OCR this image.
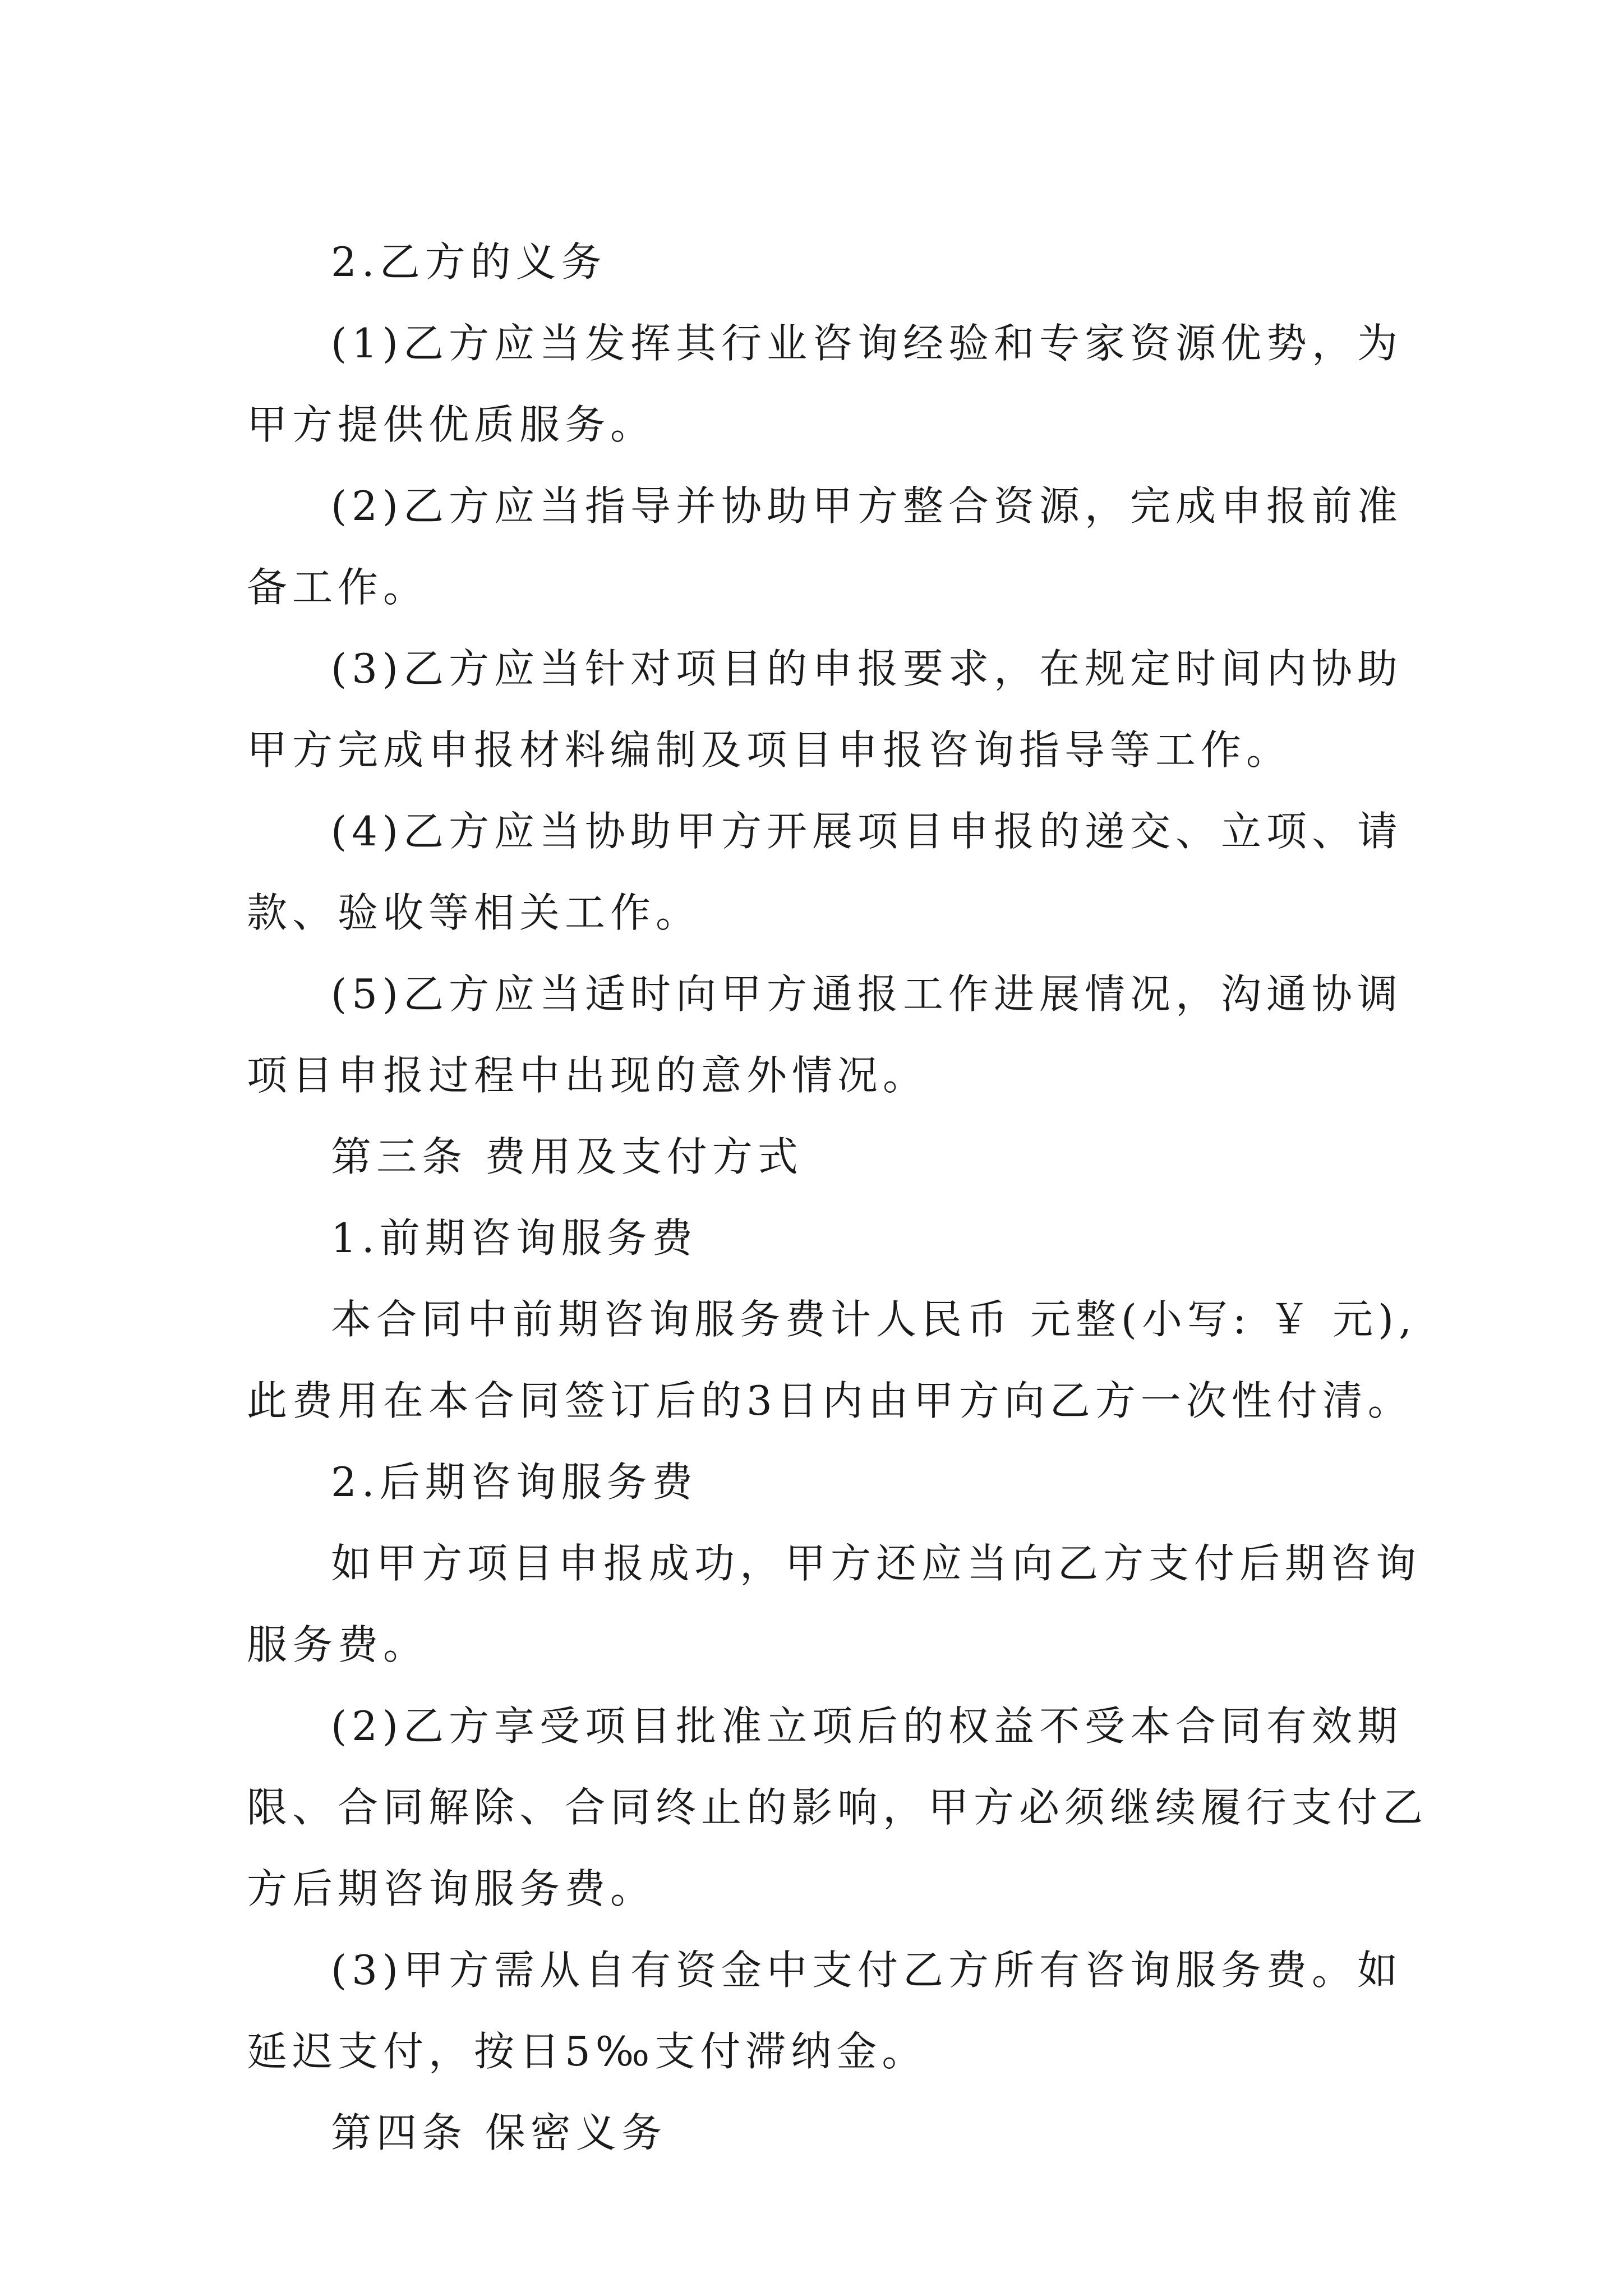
2.乙方的义务

(1)乙方应当发挥其行业咨询经验和专家资源优势，为甲方提供优质服务。

(2)乙方应当指导并协助甲方整合资源，完成申报前准备工作。

(3)乙方应当针对项目的申报要求，在规定时间内协助甲方完成申报材料编制及项目申报咨询指导等工作。

(4)乙方应当协助甲方开展项目申报的递交、立项、请款、验收等相关工作。

(5)乙方应当适时向甲方通报工作进展情况，沟通协调项目申报过程中出现的意外情况。

第三条 费用及支付方式

1.前期咨询服务费

本合同中前期咨询服务费计人民币 元整(小写: ￥ 元),此费用在本合同签订后的3日内由甲方向乙方一次性付清。

2.后期咨询服务费

如甲方项目申报成功，甲方还应当向乙方支付后期咨询服务费。

(2)乙方享受项目批准立项后的权益不受本合同有效期限、合同解除、合同终止的影响，甲方必须继续履行支付乙方后期咨询服务费。

(3)甲方需从自有资金中支付乙方所有咨询服务费。如延迟支付，按日5‰支付滞纳金。

第四条 保密义务
